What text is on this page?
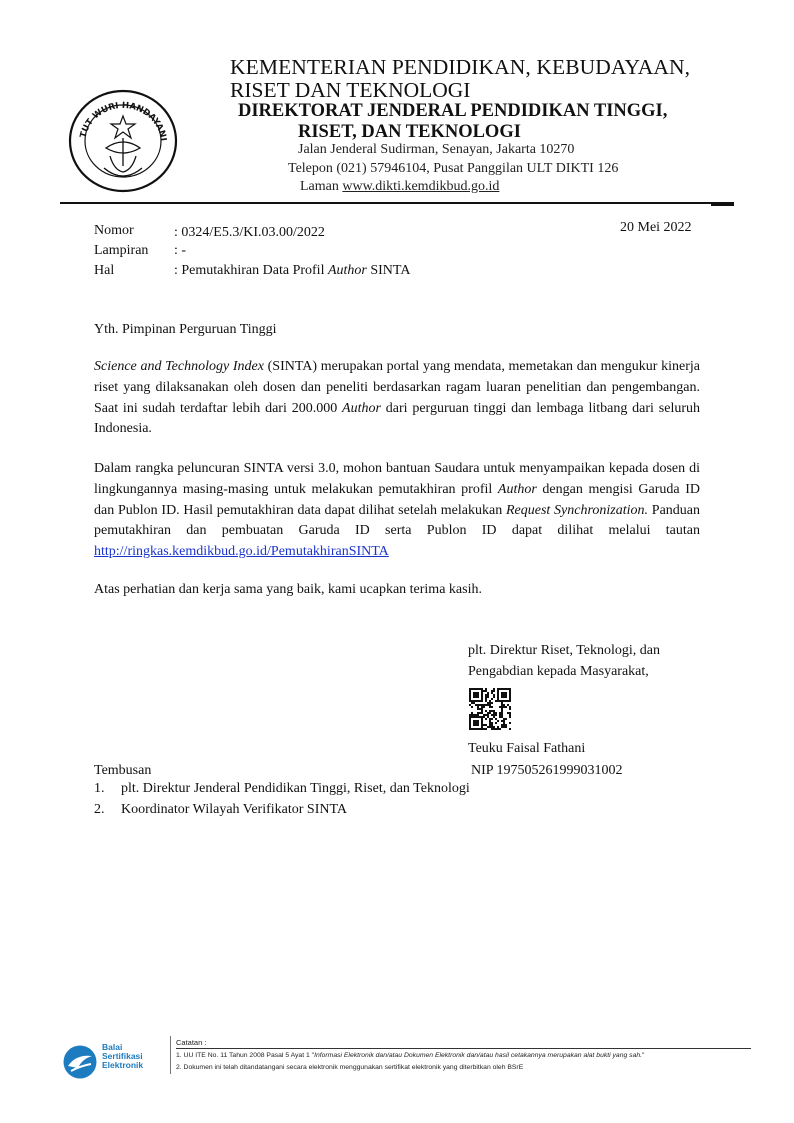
TUT WURI HANDAYANI
KEMENTERIAN PENDIDIKAN, KEBUDAYAAN,
RISET DAN TEKNOLOGI
DIREKTORAT JENDERAL PENDIDIKAN TINGGI,
RISET, DAN TEKNOLOGI
Jalan Jenderal Sudirman, Senayan, Jakarta 10270
Telepon (021) 57946104, Pusat Panggilan ULT DIKTI 126
Laman www.dikti.kemdikbud.go.id
20 Mei 2022
Nomor	: 0324/E5.3/KI.03.00/2022
Lampiran : -
Hal	: Pemutakhiran Data Profil Author SINTA
Yth. Pimpinan Perguruan Tinggi

Science and Technology Index (SINTA) merupakan portal yang mendata, memetakan dan mengukur kinerja riset yang dilaksanakan oleh dosen dan peneliti berdasarkan ragam luaran penelitian dan pengembangan. Saat ini sudah terdaftar lebih dari 200.000 Author dari perguruan tinggi dan lembaga litbang dari seluruh Indonesia.

Dalam rangka peluncuran SINTA versi 3.0, mohon bantuan Saudara untuk menyampaikan kepada dosen di lingkungannya masing-masing untuk melakukan pemutakhiran profil Author dengan mengisi Garuda ID dan Publon ID. Hasil pemutakhiran data dapat dilihat setelah melakukan Request Synchronization. Panduan pemutakhiran dan pembuatan Garuda ID serta Publon ID dapat dilihat melalui tautan http://ringkas.kemdikbud.go.id/PemutakhiranSINTA

Atas perhatian dan kerja sama yang baik, kami ucapkan terima kasih.

plt. Direktur Riset, Teknologi, dan
Pengabdian kepada Masyarakat,
Teuku Faisal Fathani
NIP 197505261999031002
Tembusan
1. plt. Direktur Jenderal Pendidikan Tinggi, Riset, dan Teknologi
2. Koordinator Wilayah Verifikator SINTA
Balai
Sertifikasi
Elektronik
Catatan :
1. UU ITE No. 11 Tahun 2008 Pasal 5 Ayat 1 "Informasi Elektronik dan/atau Dokumen Elektronik dan/atau hasil cetakannya merupakan alat bukti yang sah."
2. Dokumen ini telah ditandatangani secara elektronik menggunakan sertifikat elektronik yang diterbitkan oleh BSrE
